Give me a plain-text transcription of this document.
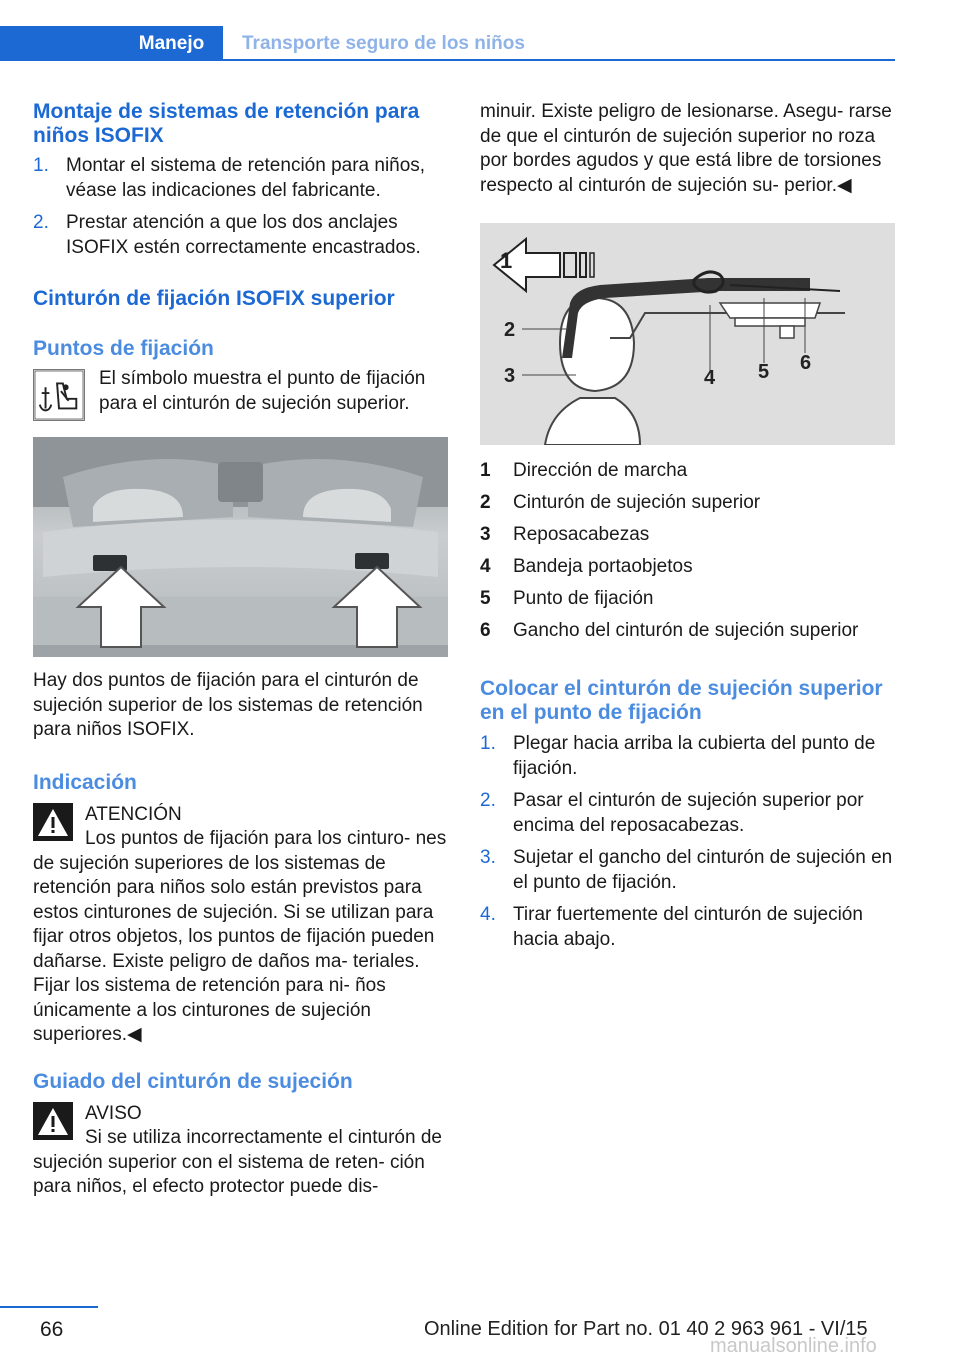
Manejo	Transporte seguro de los niños
Montaje de sistemas de retención para niños ISOFIX
1. Montar el sistema de retención para niños, véase las indicaciones del fabricante.
2. Prestar atención a que los dos anclajes ISOFIX estén correctamente encastrados.
Cinturón de fijación ISOFIX superior
Puntos de fijación

El símbolo muestra el punto de fijación para el cinturón de sujeción superior.

Hay dos puntos de fijación para el cinturón de sujeción superior de los sistemas de retención para niños ISOFIX.

Indicación

ATENCIÓN

Los puntos de fijación para los cinturo- nes de sujeción superiores de los sistemas de retención para niños solo están previstos para estos cinturones de sujeción. Si se utilizan para fijar otros objetos, los puntos de fijación pueden dañarse. Existe peligro de daños ma- teriales. Fijar los sistema de retención para ni- ños únicamente a los cinturones de sujeción superiores.◀

Guiado del cinturón de sujeción

AVISO

Si se utiliza incorrectamente el cinturón de sujeción superior con el sistema de reten- ción para niños, el efecto protector puede dis-

minuir. Existe peligro de lesionarse. Asegu- rarse de que el cinturón de sujeción superior no roza por bordes agudos y que está libre de torsiones respecto al cinturón de sujeción su- perior.◀

1
2
3	4 5 6
1 Dirección de marcha
2 Cinturón de sujeción superior
3 Reposacabezas
4 Bandeja portaobjetos
5 Punto de fijación
6 Gancho del cinturón de sujeción superior
Colocar el cinturón de sujeción superior en el punto de fijación
1. Plegar hacia arriba la cubierta del punto de fijación.
2. Pasar el cinturón de sujeción superior por encima del reposacabezas.
3. Sujetar el gancho del cinturón de sujeción en el punto de fijación.
4. Tirar fuertemente del cinturón de sujeción hacia abajo.
66	Online Edition for Part no. 01 40 2 963 961 - VI/15
manualsonline.info
